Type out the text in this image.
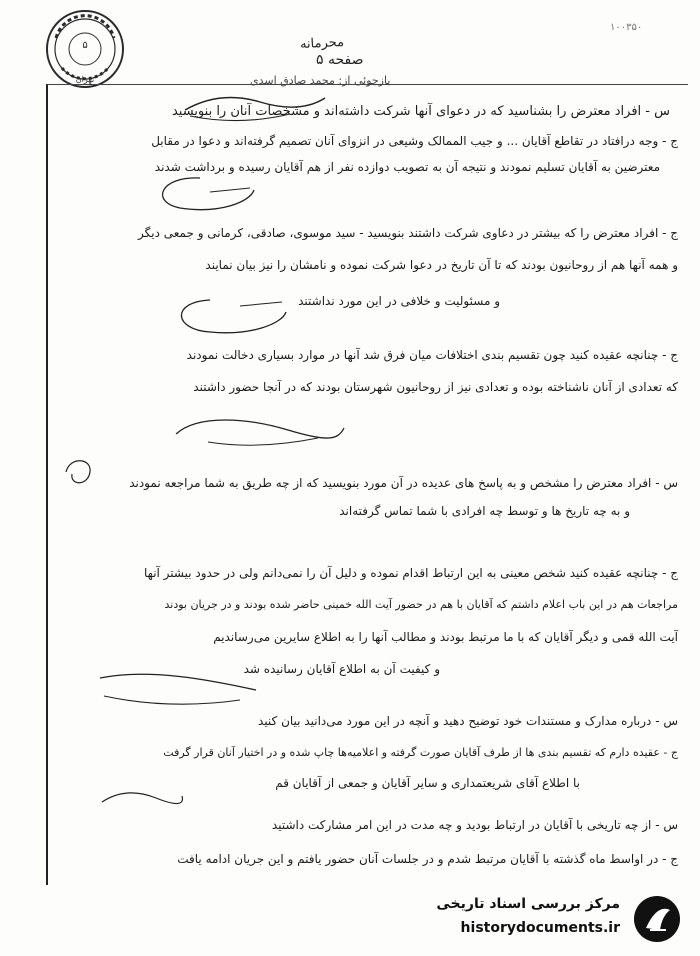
۵
تهران
محرمانه
صفحه ۵
بازجوئی از: محمد صادق اسدی
۱۰۰۳۵۰
س - افراد معترض را بشناسید که در دعوای آنها شرکت داشته‌اند و مشخصات آنان را بنویسید
ج - وجه درافتاد در تقاطع آقایان ... و جیب الممالک وشیعی در انزوای آنان تصمیم گرفته‌اند و دعوا در مقابل
معترضین به آقایان تسلیم نمودند و نتیجه آن به تصویب دوازده نفر از هم آقایان رسیده و برداشت شدند
ج - افراد معترض را که بیشتر در دعاوی شرکت داشتند بنویسید - سید موسوی، صادقی، کرمانی و جمعی دیگر
و همه آنها هم از روحانیون بودند که تا آن تاریخ در دعوا شرکت نموده و نامشان را نیز بیان نمایند
و مسئولیت و خلافی در این مورد نداشتند
ج - چنانچه عقیده کنید چون تقسیم بندی اختلافات میان فرق شد آنها در موارد بسیاری دخالت نمودند
که تعدادی از آنان ناشناخته بوده و تعدادی نیز از روحانیون شهرستان بودند که در آنجا حضور داشتند
س - افراد معترض را مشخص و به پاسخ های عدیده در آن مورد بنویسید که از چه طریق به شما مراجعه نمودند
و به چه تاریخ ها و توسط چه افرادی با شما تماس گرفته‌اند
ج - چنانچه عقیده کنید شخص معینی به این ارتباط اقدام نموده و دلیل آن را نمی‌دانم ولی در حدود بیشتر آنها
مراجعات هم در این باب اعلام داشتم که آقایان با هم در حضور آیت الله خمینی حاضر شده بودند و در جریان بودند
آیت الله قمی و دیگر آقایان که با ما مرتبط بودند و مطالب آنها را به اطلاع سایرین می‌رساندیم
و کیفیت آن به اطلاع آقایان رسانیده شد
س - درباره مدارک و مستندات خود توضیح دهید و آنچه در این مورد می‌دانید بیان کنید
ج - عقیده دارم که تقسیم بندی ها از طرف آقایان صورت گرفته و اعلامیه‌ها چاپ شده و در اختیار آنان قرار گرفت
با اطلاع آقای شریعتمداری و سایر آقایان و جمعی از آقایان قم
س - از چه تاریخی با آقایان در ارتباط بودید و چه مدت در این امر مشارکت داشتید
ج - در اواسط ماه گذشته با آقایان مرتبط شدم و در جلسات آنان حضور یافتم و این جریان ادامه یافت
مرکز بررسی اسناد تاریخی
historydocuments.ir
